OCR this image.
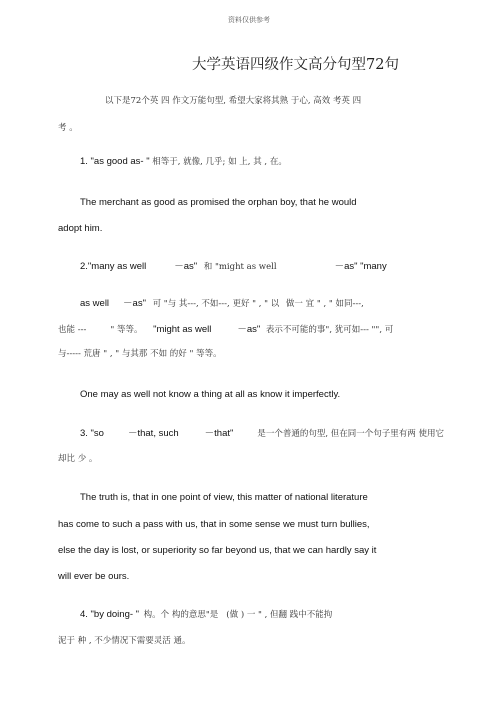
资料仅供参考
大学英语四级作文高分句型72句
以下是72个英 四 作文万能句型, 希望大家将其熟 于心, 高效 考英 四
考 。
1. "as good as- " 相等于, 就像, 几乎; 如 上, 其 , 在。
The merchant as good as promised the orphan boy, that he would
adopt him.
2."many as well	－as" 和 "might as well	－as" "many
as well －as" 可 "与 其---, 不如---, 更好 " , " 以 做一 宜 " , " 如同---,
也能 ---	" 等等。 "might as well	－as" 表示不可能的事", 犹可如--- "", 可
与----- 荒唐 " , " 与其那 不如 的好 " 等等。
One may as well not know a thing at all as know it imperfectly.
3. "so	－that, such	－that"	是一个普通的句型, 但在同一个句子里有两 使用它
却比 少 。
The truth is, that in one point of view, this matter of national literature
has come to such a pass with us, that in some sense we must turn bullies,
else the day is lost, or superiority so far beyond us, that we can hardly say it
will ever be ours.
4. "by doing- " 构。个 构的意思"是 (做 ) 一 " , 但翻 践中不能拘
泥于 种 , 不少情况下需要灵活 通。
